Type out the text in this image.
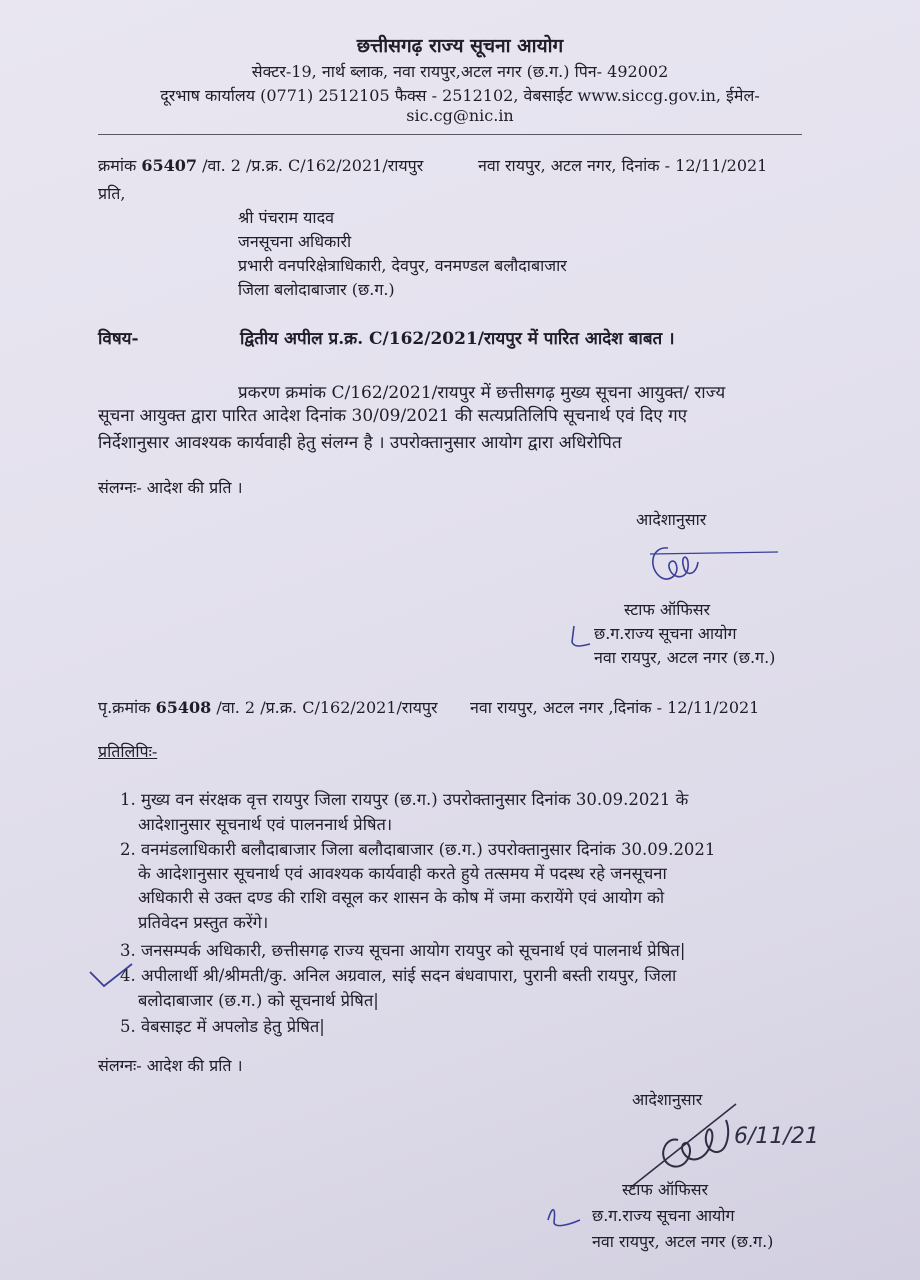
छत्तीसगढ़ राज्य सूचना आयोग
सेक्टर-19, नार्थ ब्लाक, नवा रायपुर,अटल नगर (छ.ग.) पिन- 492002
दूरभाष कार्यालय (0771) 2512105 फैक्स - 2512102, वेबसाईट www.siccg.gov.in, ईमेल-
sic.cg@nic.in
क्रमांक 65407 /वा. 2 /प्र.क्र. C/162/2021/रायपुर	नवा रायपुर, अटल नगर, दिनांक - 12/11/2021
प्रति,
श्री पंचराम यादव
जनसूचना अधिकारी
प्रभारी वनपरिक्षेत्राधिकारी, देवपुर, वनमण्डल बलौदाबाजार
जिला बलोदाबाजार (छ.ग.)
विषय-	द्वितीय अपील प्र.क्र. C/162/2021/रायपुर में पारित आदेश बाबत ।
प्रकरण क्रमांक C/162/2021/रायपुर में छत्तीसगढ़ मुख्य सूचना आयुक्त/ राज्य
सूचना आयुक्त द्वारा पारित आदेश दिनांक 30/09/2021 की सत्यप्रतिलिपि सूचनार्थ एवं दिए गए
निर्देशानुसार आवश्यक कार्यवाही हेतु संलग्न है । उपरोक्तानुसार आयोग द्वारा अधिरोपित
संलग्नः- आदेश की प्रति ।
आदेशानुसार
स्टाफ ऑफिसर
छ.ग.राज्य सूचना आयोग
नवा रायपुर, अटल नगर (छ.ग.)
पृ.क्रमांक 65408 /वा. 2 /प्र.क्र. C/162/2021/रायपुर नवा रायपुर, अटल नगर ,दिनांक - 12/11/2021
प्रतिलिपिः-
1. मुख्य वन संरक्षक वृत्त रायपुर जिला रायपुर (छ.ग.) उपरोक्तानुसार दिनांक 30.09.2021 के
आदेशानुसार सूचनार्थ एवं पालननार्थ प्रेषित।
2. वनमंडलाधिकारी बलौदाबाजार जिला बलौदाबाजार (छ.ग.) उपरोक्तानुसार दिनांक 30.09.2021
के आदेशानुसार सूचनार्थ एवं आवश्यक कार्यवाही करते हुये तत्समय में पदस्थ रहे जनसूचना
अधिकारी से उक्त दण्ड की राशि वसूल कर शासन के कोष में जमा करायेंगे एवं आयोग को
प्रतिवेदन प्रस्तुत करेंगे।
3. जनसम्पर्क अधिकारी, छत्तीसगढ़ राज्य सूचना आयोग रायपुर को सूचनार्थ एवं पालनार्थ प्रेषित|
4. अपीलार्थी श्री/श्रीमती/कु. अनिल अग्रवाल, सांई सदन बंधवापारा, पुरानी बस्ती रायपुर, जिला
बलोदाबाजार (छ.ग.) को सूचनार्थ प्रेषित|
5. वेबसाइट में अपलोड हेतु प्रेषित|
संलग्नः- आदेश की प्रति ।
आदेशानुसार
6/11/21
स्टाफ ऑफिसर
छ.ग.राज्य सूचना आयोग
नवा रायपुर, अटल नगर (छ.ग.)
